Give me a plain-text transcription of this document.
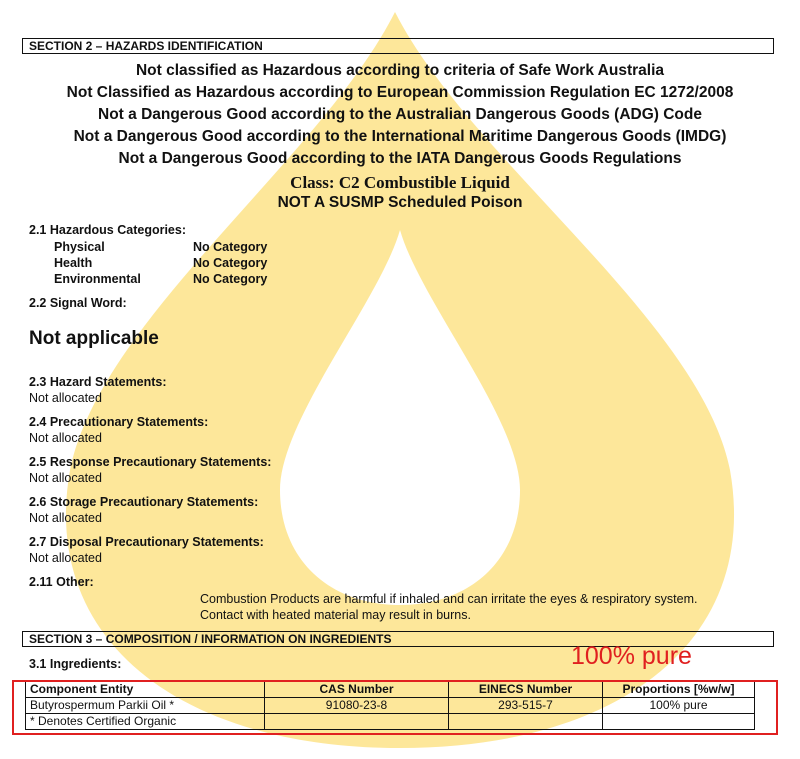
SECTION 2 – HAZARDS IDENTIFICATION
Not classified as Hazardous according to criteria of Safe Work Australia
Not Classified as Hazardous according to European Commission Regulation EC 1272/2008
Not a Dangerous Good according to the Australian Dangerous Goods (ADG) Code
Not a Dangerous Good according to the International Maritime Dangerous Goods (IMDG)
Not a Dangerous Good according to the IATA Dangerous Goods Regulations
Class: C2 Combustible Liquid
NOT A SUSMP Scheduled Poison
2.1 Hazardous Categories:
Physical	No Category
Health	No Category
Environmental	No Category
2.2 Signal Word:
Not applicable
2.3 Hazard Statements:
Not allocated
2.4 Precautionary Statements:
Not allocated
2.5 Response Precautionary Statements:
Not allocated
2.6 Storage Precautionary Statements:
Not allocated
2.7 Disposal Precautionary Statements:
Not allocated
2.11 Other:
Combustion Products are harmful if inhaled and can irritate the eyes & respiratory system.
Contact with heated material may result in burns.
SECTION 3 – COMPOSITION / INFORMATION ON INGREDIENTS
3.1 Ingredients:	100% pure
Component Entity	CAS Number	EINECS Number	Proportions [%w/w]
Butyrospermum Parkii Oil *	91080-23-8	293-515-7	100% pure
* Denotes Certified Organic			
